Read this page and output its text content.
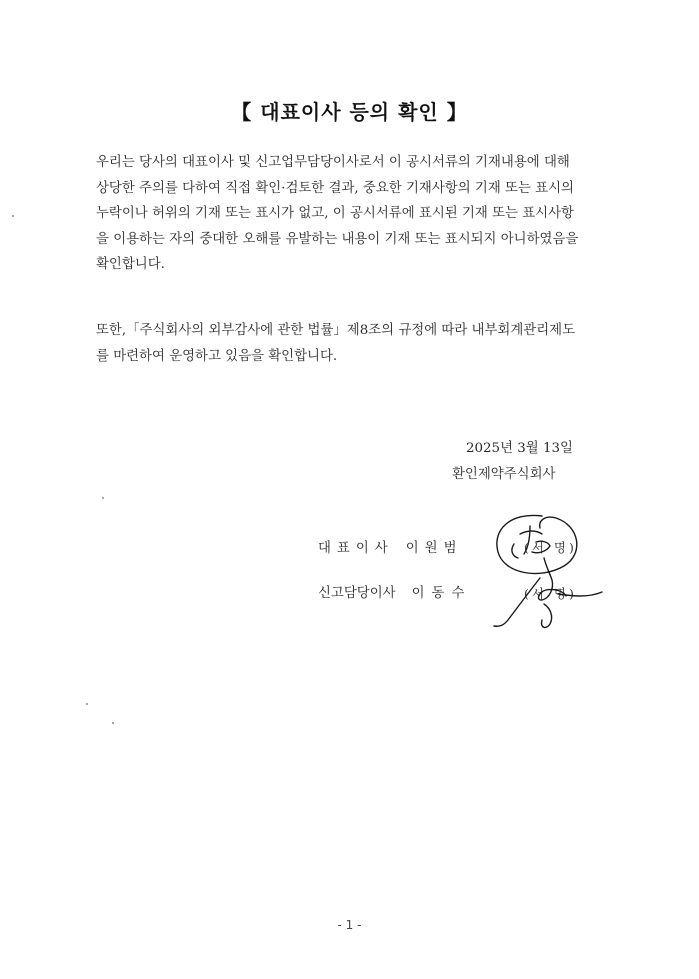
【 대표이사 등의 확인 】
우리는 당사의 대표이사 및 신고업무담당이사로서 이 공시서류의 기재내용에 대해
상당한 주의를 다하여 직접 확인·검토한 결과, 중요한 기재사항의 기재 또는 표시의
누락이나 허위의 기재 또는 표시가 없고, 이 공시서류에 표시된 기재 또는 표시사항
을 이용하는 자의 중대한 오해를 유발하는 내용이 기재 또는 표시되지 아니하였음을
확인합니다.
또한,「주식회사의 외부감사에 관한 법률」제8조의 규정에 따라 내부회계관리제도
를 마련하여 운영하고 있음을 확인합니다.
2025년 3월 13일
환인제약주식회사
대표이사 이원범	(서 명)
신고담당이사 이동수	(서 명)
- 1 -
